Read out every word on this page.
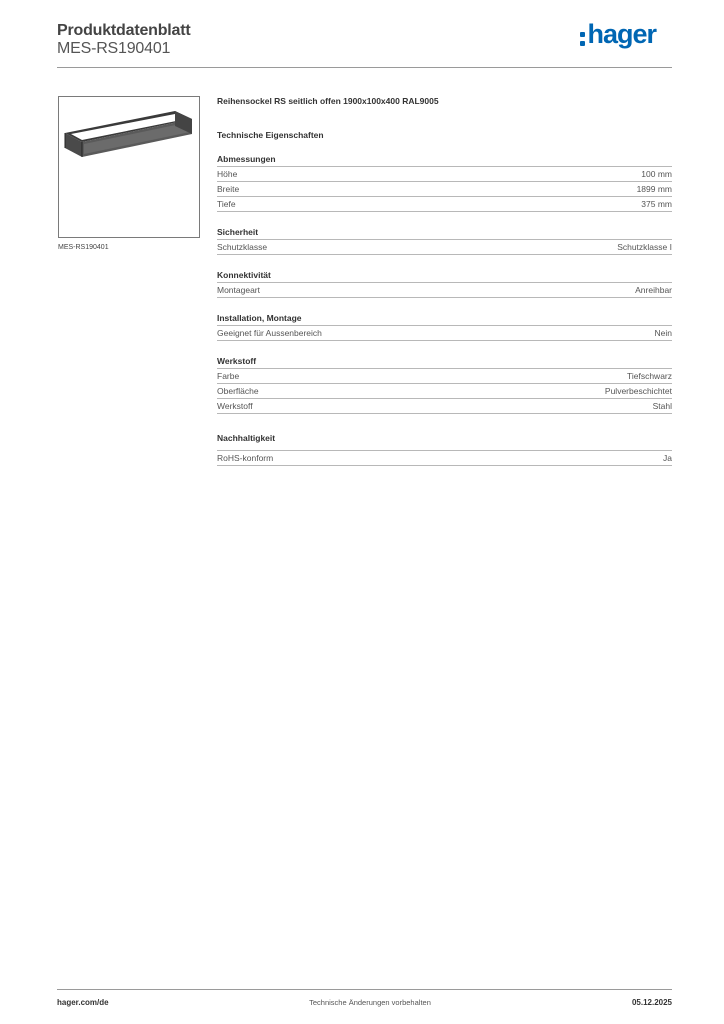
Produktdatenblatt
MES-RS190401	hager
MES-RS190401
Reihensockel RS seitlich offen 1900x100x400 RAL9005
Technische Eigenschaften
Abmessungen
Höhe	100 mm
Breite	1899 mm
Tiefe	375 mm
Sicherheit
Schutzklasse	Schutzklasse I
Konnektivität
Montageart	Anreihbar
Installation, Montage
Geeignet für Aussenbereich	Nein
Werkstoff
Farbe	Tiefschwarz
Oberfläche	Pulverbeschichtet
Werkstoff	Stahl
Nachhaltigkeit
RoHS-konform	Ja
hager.com/de	Technische Änderungen vorbehalten	05.12.2025
